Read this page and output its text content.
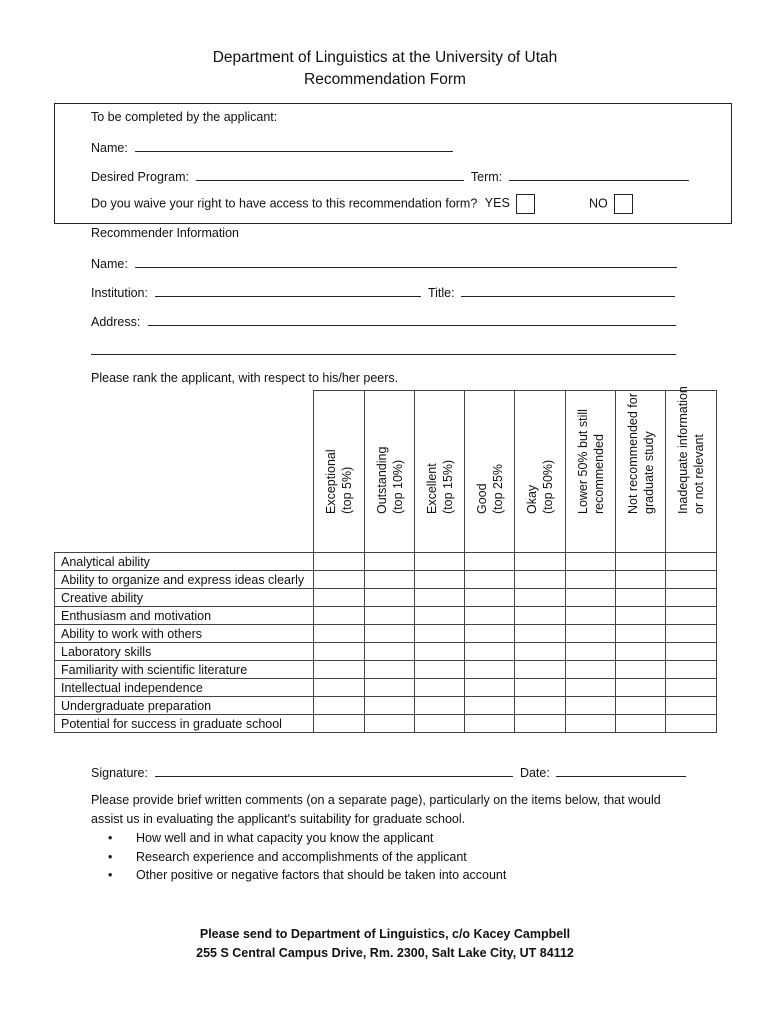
Department of Linguistics at the University of Utah
Recommendation Form
To be completed by the applicant:
Name:
Desired Program:	Term:
Do you waive your right to have access to this recommendation form? YES	NO
Recommender Information
Name:
Institution:	Title:
Address:
Please rank the applicant, with respect to his/her peers.

	Exceptional (top 5%)	Outstanding (top 10%)	Excellent (top 15%)	Good (top 25%	Okay (top 50%)	Lower 50% but still recommended	Not recommended for graduate study	Inadequate information or not relevant

Analytical ability								
Ability to organize and express ideas clearly								
Creative ability								
Enthusiasm and motivation								
Ability to work with others								
Laboratory skills								
Familiarity with scientific literature								
Intellectual independence								
Undergraduate preparation								
Potential for success in graduate school								
Signature:	Date:
Please provide brief written comments (on a separate page), particularly on the items below, that would
assist us in evaluating the applicant's suitability for graduate school.
• How well and in what capacity you know the applicant
• Research experience and accomplishments of the applicant
• Other positive or negative factors that should be taken into account
Please send to Department of Linguistics, c/o Kacey Campbell
255 S Central Campus Drive, Rm. 2300, Salt Lake City, UT 84112
